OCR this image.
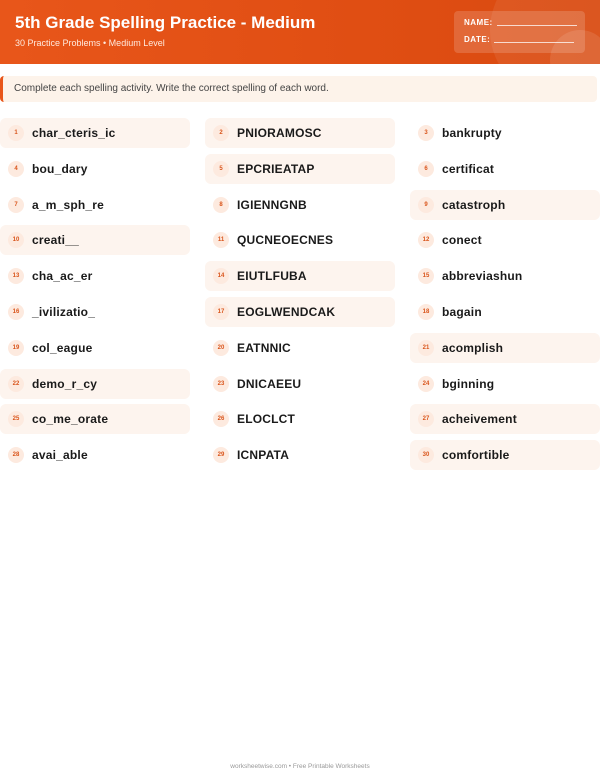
5th Grade Spelling Practice - Medium
30 Practice Problems • Medium Level
NAME:
DATE:
Complete each spelling activity. Write the correct spelling of each word.
1	char_cteris_ic	2	PNIORAMOSC	3	bankrupty
4	bou_dary	5	EPCRIEATAP	6	certificat
7	a_m_sph_re	8	IGIENNGNB	9	catastroph
10	creati__	11	QUCNEOECNES	12	conect
13	cha_ac_er	14	EIUTLFUBA	15	abbreviashun
16	_ivilizatio_	17	EOGLWENDCAK	18	bagain
19	col_eague	20	EATNNIC	21	acomplish
22	demo_r_cy	23	DNICAEEU	24	bginning
25	co_me_orate	26	ELOCLCT	27	acheivement
28	avai_able	29	ICNPATA	30	comfortible
worksheetwise.com • Free Printable Worksheets
